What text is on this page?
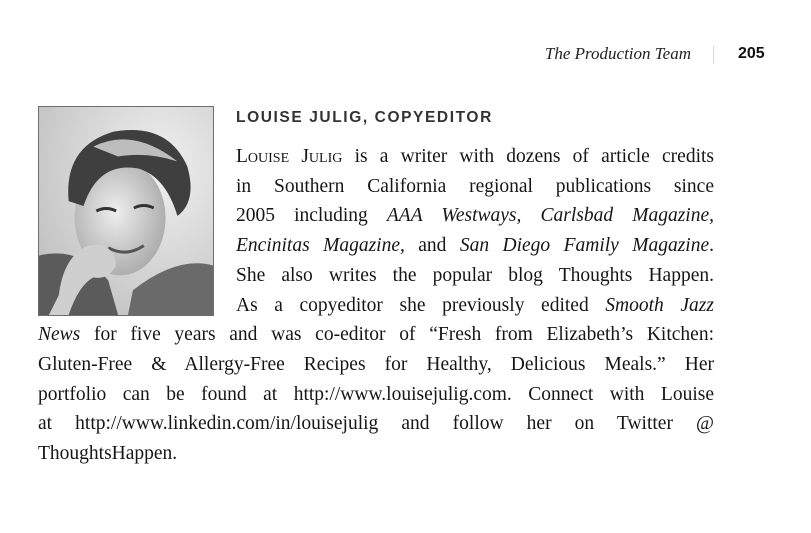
The Production Team	205
LOUISE JULIG, COPYEDITOR
Louise Julig is a writer with dozens of article credits
in Southern California regional publications since
2005 including AAA Westways, Carlsbad Magazine,
Encinitas Magazine, and San Diego Family Magazine.
She also writes the popular blog Thoughts Happen.
As a copyeditor she previously edited Smooth Jazz
News for five years and was co-editor of “Fresh from Elizabeth’s Kitchen:
Gluten-Free & Allergy-Free Recipes for Healthy, Delicious Meals.” Her
portfolio can be found at http://www.louisejulig.com. Connect with Louise
at http://www.linkedin.com/in/louisejulig and follow her on Twitter @
ThoughtsHappen.
